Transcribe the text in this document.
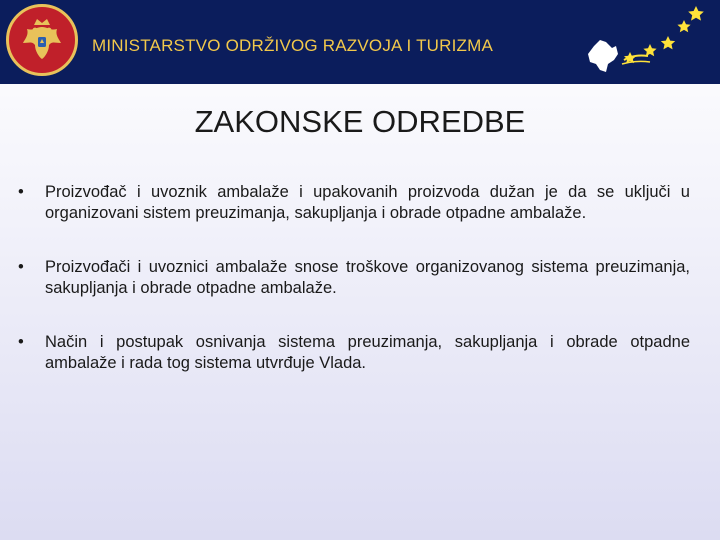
MINISTARSTVO ODRŽIVOG RAZVOJA I TURIZMA
ZAKONSKE ODREDBE
• Proizvođač i uvoznik ambalaže i upakovanih proizvoda dužan je da se uključi u organizovani sistem preuzimanja, sakupljanja i obrade otpadne ambalaže.
• Proizvođači i uvoznici ambalaže snose troškove organizovanog sistema preuzimanja, sakupljanja i obrade otpadne ambalaže.
• Način i postupak osnivanja sistema preuzimanja, sakupljanja i obrade otpadne ambalaže i rada tog sistema utvrđuje Vlada.
